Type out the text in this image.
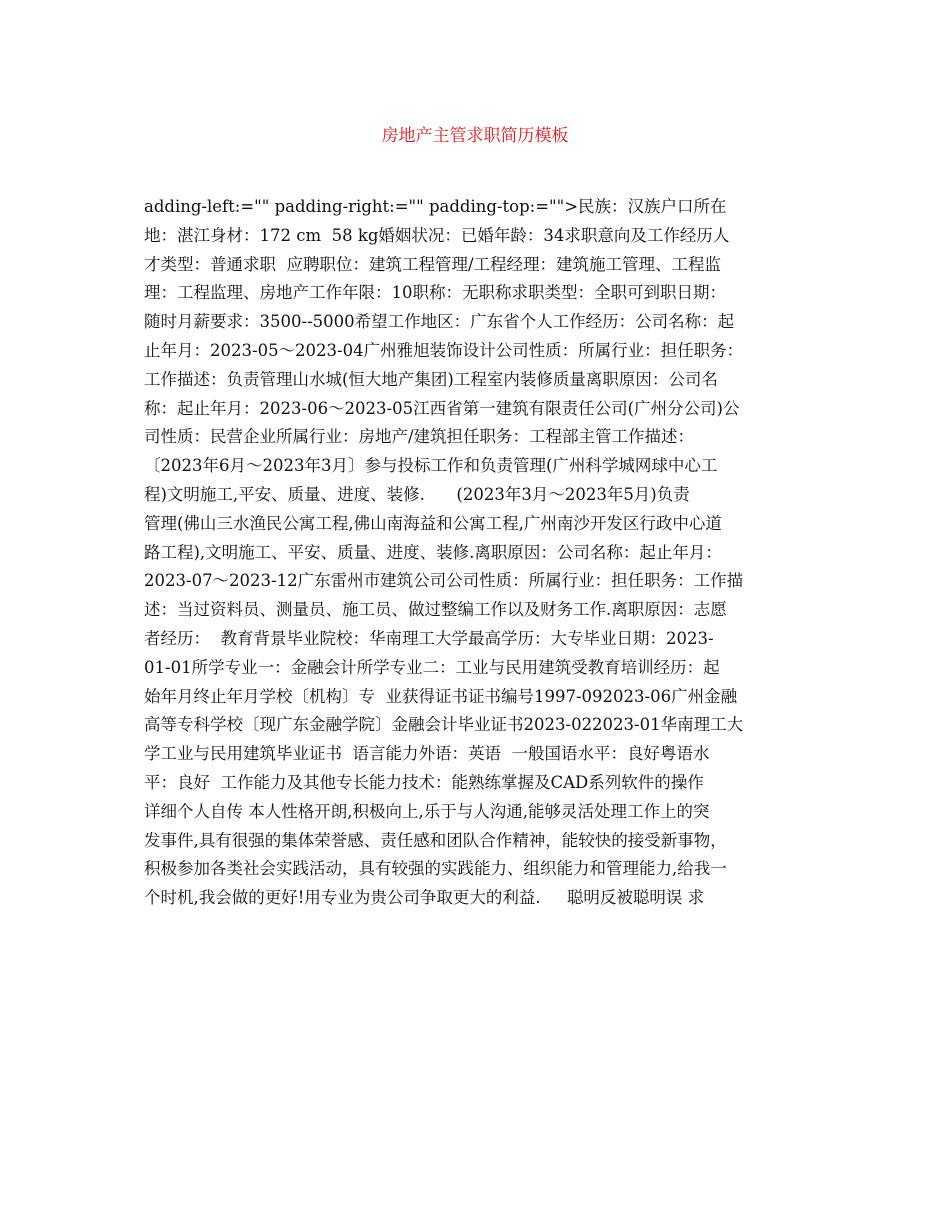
房地产主管求职简历模板
adding-left:="" padding-right:="" padding-top:="">民族：汉族户口所在
地：湛江身材：172 cm  58 kg婚姻状况：已婚年龄：34求职意向及工作经历人
才类型：普通求职  应聘职位：建筑工程管理/工程经理：建筑施工管理、工程监
理：工程监理、房地产工作年限：10职称：无职称求职类型：全职可到职日期：
随时月薪要求：3500--5000希望工作地区：广东省个人工作经历：公司名称：起
止年月：2023-05～2023-04广州雅旭装饰设计公司性质：所属行业：担任职务：
工作描述：负责管理山水城(恒大地产集团)工程室内装修质量离职原因：公司名
称：起止年月：2023-06～2023-05江西省第一建筑有限责任公司(广州分公司)公
司性质：民营企业所属行业：房地产/建筑担任职务：工程部主管工作描述：
〔2023年6月～2023年3月〕参与投标工作和负责管理(广州科学城网球中心工
程)文明施工,平安、质量、进度、装修.      (2023年3月～2023年5月)负责
管理(佛山三水渔民公寓工程,佛山南海益和公寓工程,广州南沙开发区行政中心道
路工程),文明施工、平安、质量、进度、装修.离职原因：公司名称：起止年月：
2023-07～2023-12广东雷州市建筑公司公司性质：所属行业：担任职务：工作描
述：当过资料员、测量员、施工员、做过整编工作以及财务工作.离职原因：志愿
者经历：  教育背景毕业院校：华南理工大学最高学历：大专毕业日期：2023-
01-01所学专业一：金融会计所学专业二：工业与民用建筑受教育培训经历：起
始年月终止年月学校〔机构〕专  业获得证书证书编号1997-092023-06广州金融
高等专科学校〔现广东金融学院〕金融会计毕业证书2023-022023-01华南理工大
学工业与民用建筑毕业证书  语言能力外语：英语  一般国语水平：良好粤语水
平：良好  工作能力及其他专长能力技术：能熟练掌握及CAD系列软件的操作
详细个人自传 本人性格开朗,积极向上,乐于与人沟通,能够灵活处理工作上的突
发事件,具有很强的集体荣誉感、责任感和团队合作精神，能较快的接受新事物，
积极参加各类社会实践活动，具有较强的实践能力、组织能力和管理能力,给我一
个时机,我会做的更好!用专业为贵公司争取更大的利益.     聪明反被聪明误 求
